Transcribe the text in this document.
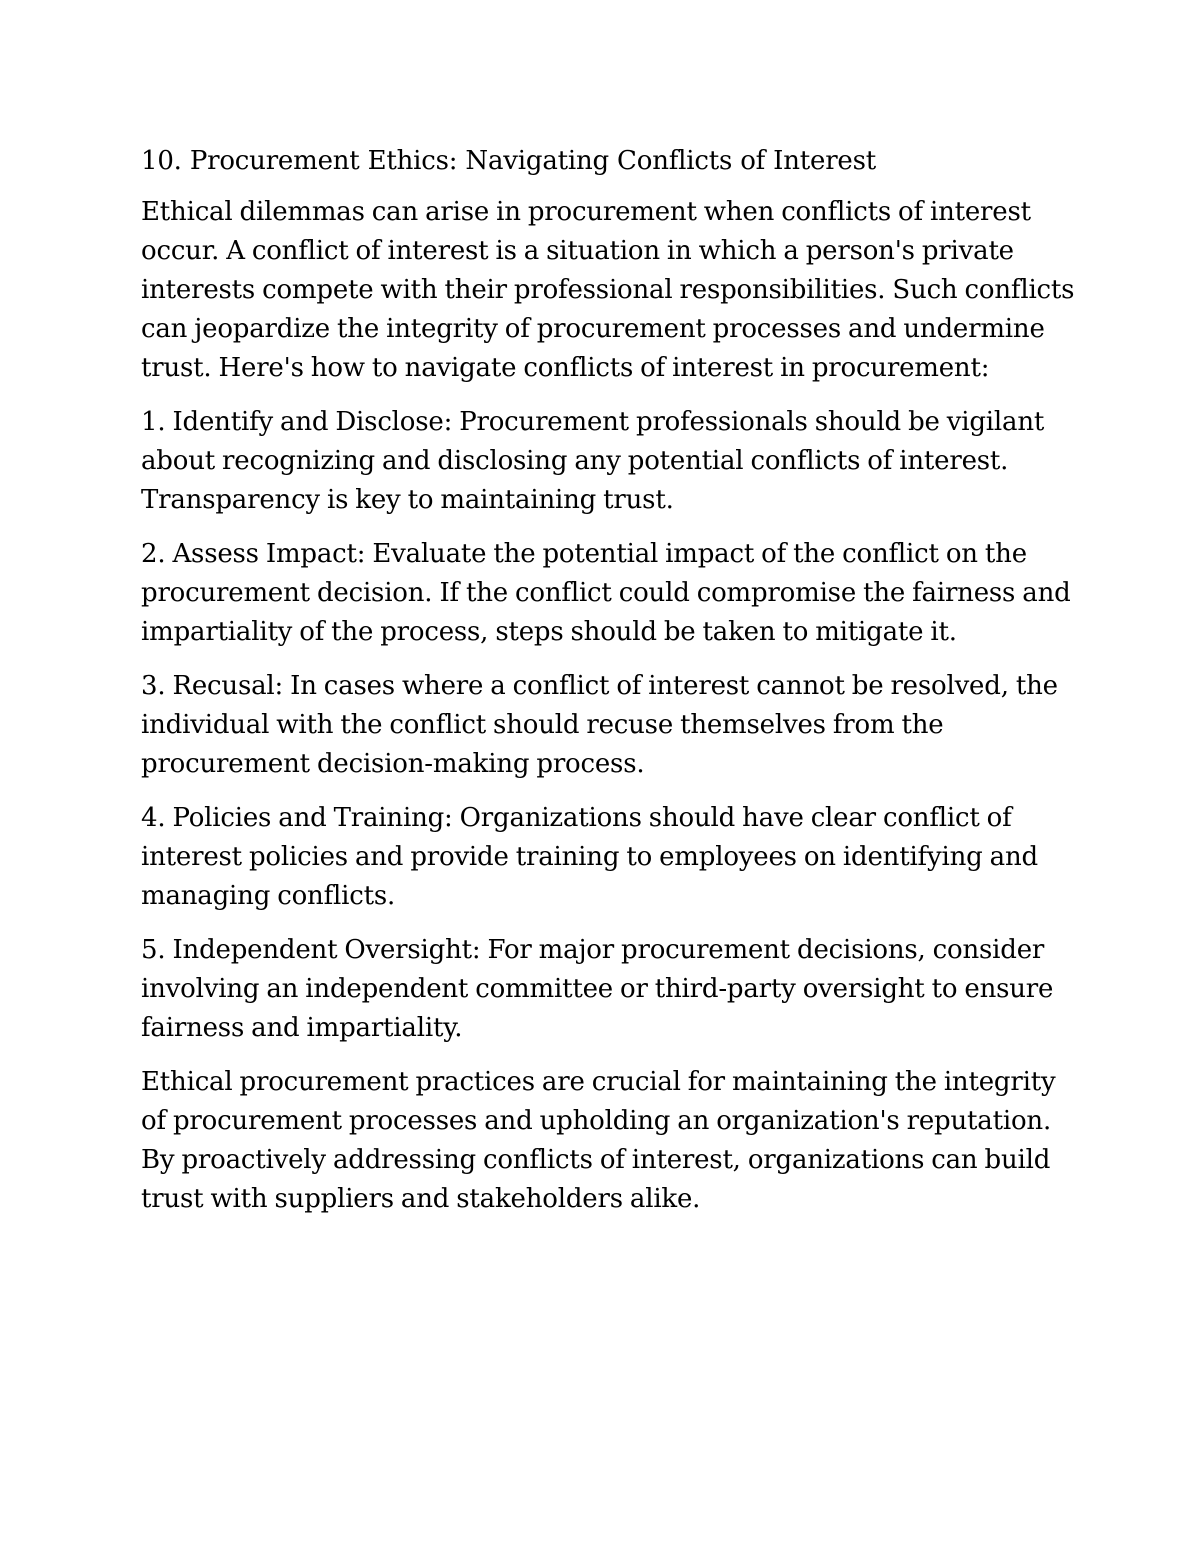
10. Procurement Ethics: Navigating Conflicts of Interest

Ethical dilemmas can arise in procurement when conflicts of interest occur. A conflict of interest is a situation in which a person's private interests compete with their professional responsibilities. Such conflicts can jeopardize the integrity of procurement processes and undermine trust. Here's how to navigate conflicts of interest in procurement:

1. Identify and Disclose: Procurement professionals should be vigilant about recognizing and disclosing any potential conflicts of interest. Transparency is key to maintaining trust.

2. Assess Impact: Evaluate the potential impact of the conflict on the procurement decision. If the conflict could compromise the fairness and impartiality of the process, steps should be taken to mitigate it.

3. Recusal: In cases where a conflict of interest cannot be resolved, the individual with the conflict should recuse themselves from the procurement decision-making process.

4. Policies and Training: Organizations should have clear conflict of interest policies and provide training to employees on identifying and managing conflicts.

5. Independent Oversight: For major procurement decisions, consider involving an independent committee or third-party oversight to ensure fairness and impartiality.

Ethical procurement practices are crucial for maintaining the integrity of procurement processes and upholding an organization's reputation. By proactively addressing conflicts of interest, organizations can build trust with suppliers and stakeholders alike.
